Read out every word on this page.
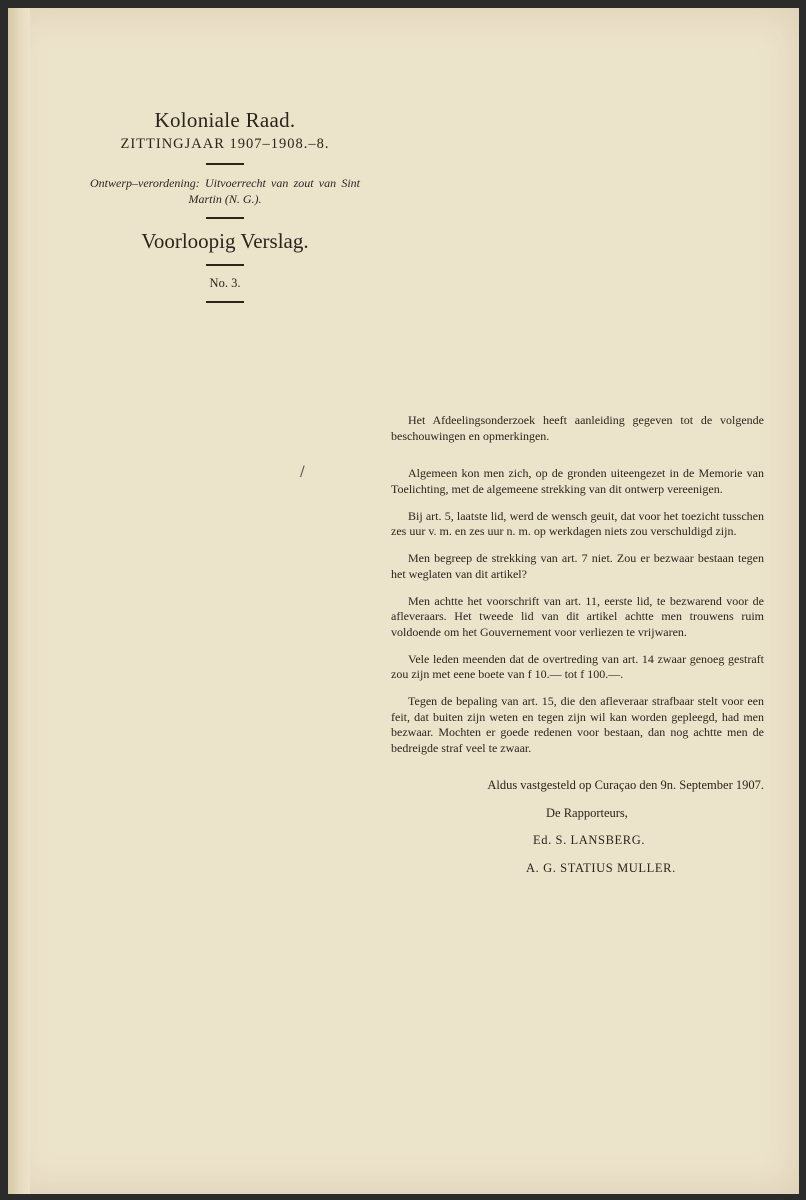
Koloniale Raad.

ZITTINGJAAR 1907–1908.–8.

Ontwerp–verordening: Uitvoerrecht van zout van Sint Martin (N. G.).

Voorloopig Verslag.

No. 3.

/

Het Afdeelingsonderzoek heeft aanleiding gegeven tot de volgende beschouwingen en opmerkingen.

Algemeen kon men zich, op de gronden uiteengezet in de Memorie van Toelichting, met de algemeene strekking van dit ontwerp vereenigen.

Bij art. 5, laatste lid, werd de wensch geuit, dat voor het toezicht tusschen zes uur v. m. en zes uur n. m. op werkdagen niets zou verschuldigd zijn.

Men begreep de strekking van art. 7 niet. Zou er bezwaar bestaan tegen het weglaten van dit artikel?

Men achtte het voorschrift van art. 11, eerste lid, te bezwarend voor de afleveraars. Het tweede lid van dit artikel achtte men trouwens ruim voldoende om het Gouvernement voor verliezen te vrijwaren.

Vele leden meenden dat de overtreding van art. 14 zwaar genoeg gestraft zou zijn met eene boete van f 10.— tot f 100.—.

Tegen de bepaling van art. 15, die den afleveraar strafbaar stelt voor een feit, dat buiten zijn weten en tegen zijn wil kan worden gepleegd, had men bezwaar. Mochten er goede redenen voor bestaan, dan nog achtte men de bedreigde straf veel te zwaar.

Aldus vastgesteld op Curaçao den 9n. September 1907.

De Rapporteurs,
Ed. S. LANSBERG.
A. G. STATIUS MULLER.
